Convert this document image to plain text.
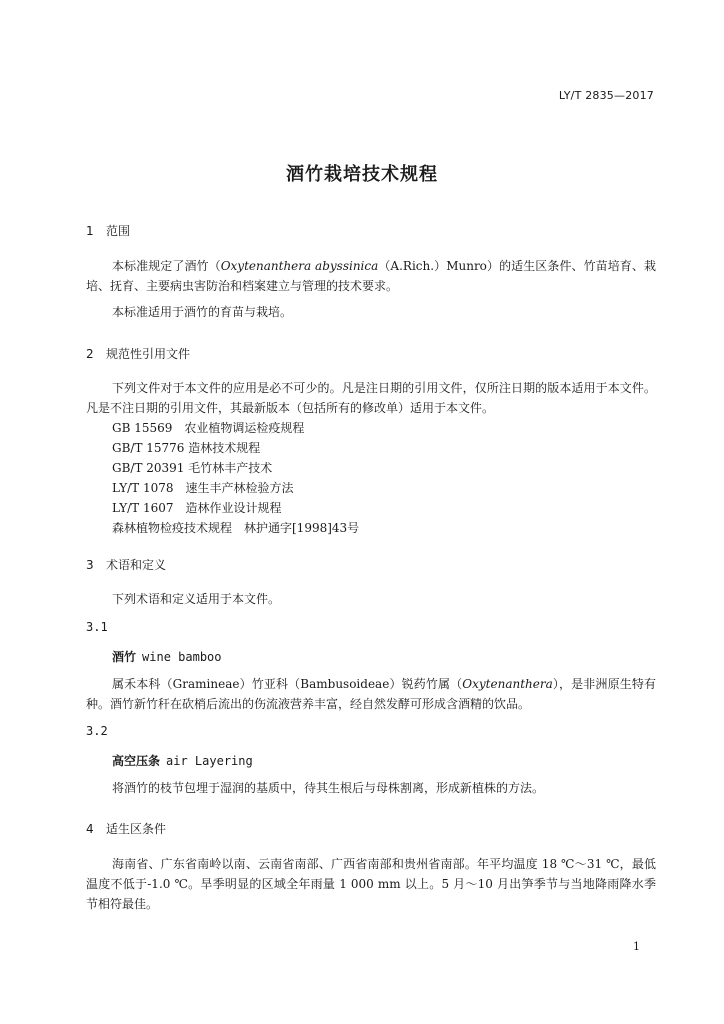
LY/T 2835—2017
酒竹栽培技术规程
1 范围
本标准规定了酒竹（Oxytenanthera abyssinica（A.Rich.）Munro）的适生区条件、竹苗培育、栽培、抚育、主要病虫害防治和档案建立与管理的技术要求。
本标准适用于酒竹的育苗与栽培。
2 规范性引用文件
下列文件对于本文件的应用是必不可少的。凡是注日期的引用文件，仅所注日期的版本适用于本文件。凡是不注日期的引用文件，其最新版本（包括所有的修改单）适用于本文件。
GB 15569　农业植物调运检疫规程
GB/T 15776 造林技术规程
GB/T 20391 毛竹林丰产技术
LY/T 1078　速生丰产林检验方法
LY/T 1607　造林作业设计规程
森林植物检疫技术规程　林护通字[1998]43号
3 术语和定义
下列术语和定义适用于本文件。
3.1
酒竹 wine bamboo
属禾本科（Gramineae）竹亚科（Bambusoideae）锐药竹属（Oxytenanthera），是非洲原生特有种。酒竹新竹秆在砍梢后流出的伤流液营养丰富，经自然发酵可形成含酒精的饮品。
3.2
高空压条 air Layering
将酒竹的枝节包埋于湿润的基质中，待其生根后与母株割离，形成新植株的方法。
4 适生区条件
海南省、广东省南岭以南、云南省南部、广西省南部和贵州省南部。年平均温度 18 ℃～31 ℃，最低温度不低于-1.0 ℃。旱季明显的区域全年雨量 1 000 mm 以上。5 月～10 月出笋季节与当地降雨降水季节相符最佳。
1
